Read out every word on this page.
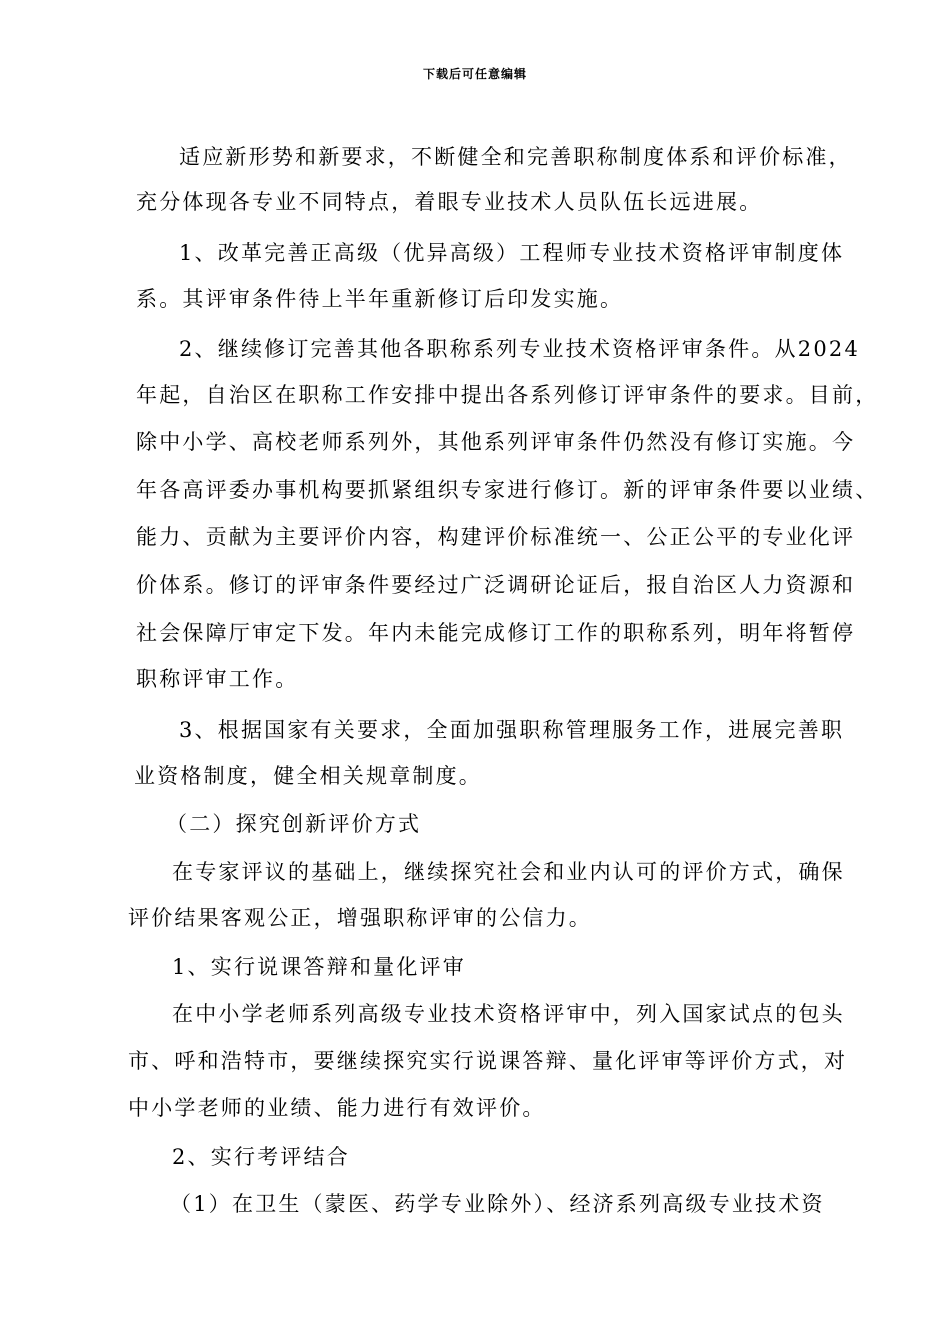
下载后可任意编辑
适应新形势和新要求，不断健全和完善职称制度体系和评价标准，
充分体现各专业不同特点，着眼专业技术人员队伍长远进展。
1、改革完善正高级（优异高级）工程师专业技术资格评审制度体
系。其评审条件待上半年重新修订后印发实施。
2、继续修订完善其他各职称系列专业技术资格评审条件。从2024
年起，自治区在职称工作安排中提出各系列修订评审条件的要求。目前，
除中小学、高校老师系列外，其他系列评审条件仍然没有修订实施。今
年各高评委办事机构要抓紧组织专家进行修订。新的评审条件要以业绩、
能力、贡献为主要评价内容，构建评价标准统一、公正公平的专业化评
价体系。修订的评审条件要经过广泛调研论证后，报自治区人力资源和
社会保障厅审定下发。年内未能完成修订工作的职称系列，明年将暂停
职称评审工作。
3、根据国家有关要求，全面加强职称管理服务工作，进展完善职
业资格制度，健全相关规章制度。
（二）探究创新评价方式
在专家评议的基础上，继续探究社会和业内认可的评价方式，确保
评价结果客观公正，增强职称评审的公信力。
1、实行说课答辩和量化评审
在中小学老师系列高级专业技术资格评审中，列入国家试点的包头
市、呼和浩特市，要继续探究实行说课答辩、量化评审等评价方式，对
中小学老师的业绩、能力进行有效评价。
2、实行考评结合
（1）在卫生（蒙医、药学专业除外）、经济系列高级专业技术资
